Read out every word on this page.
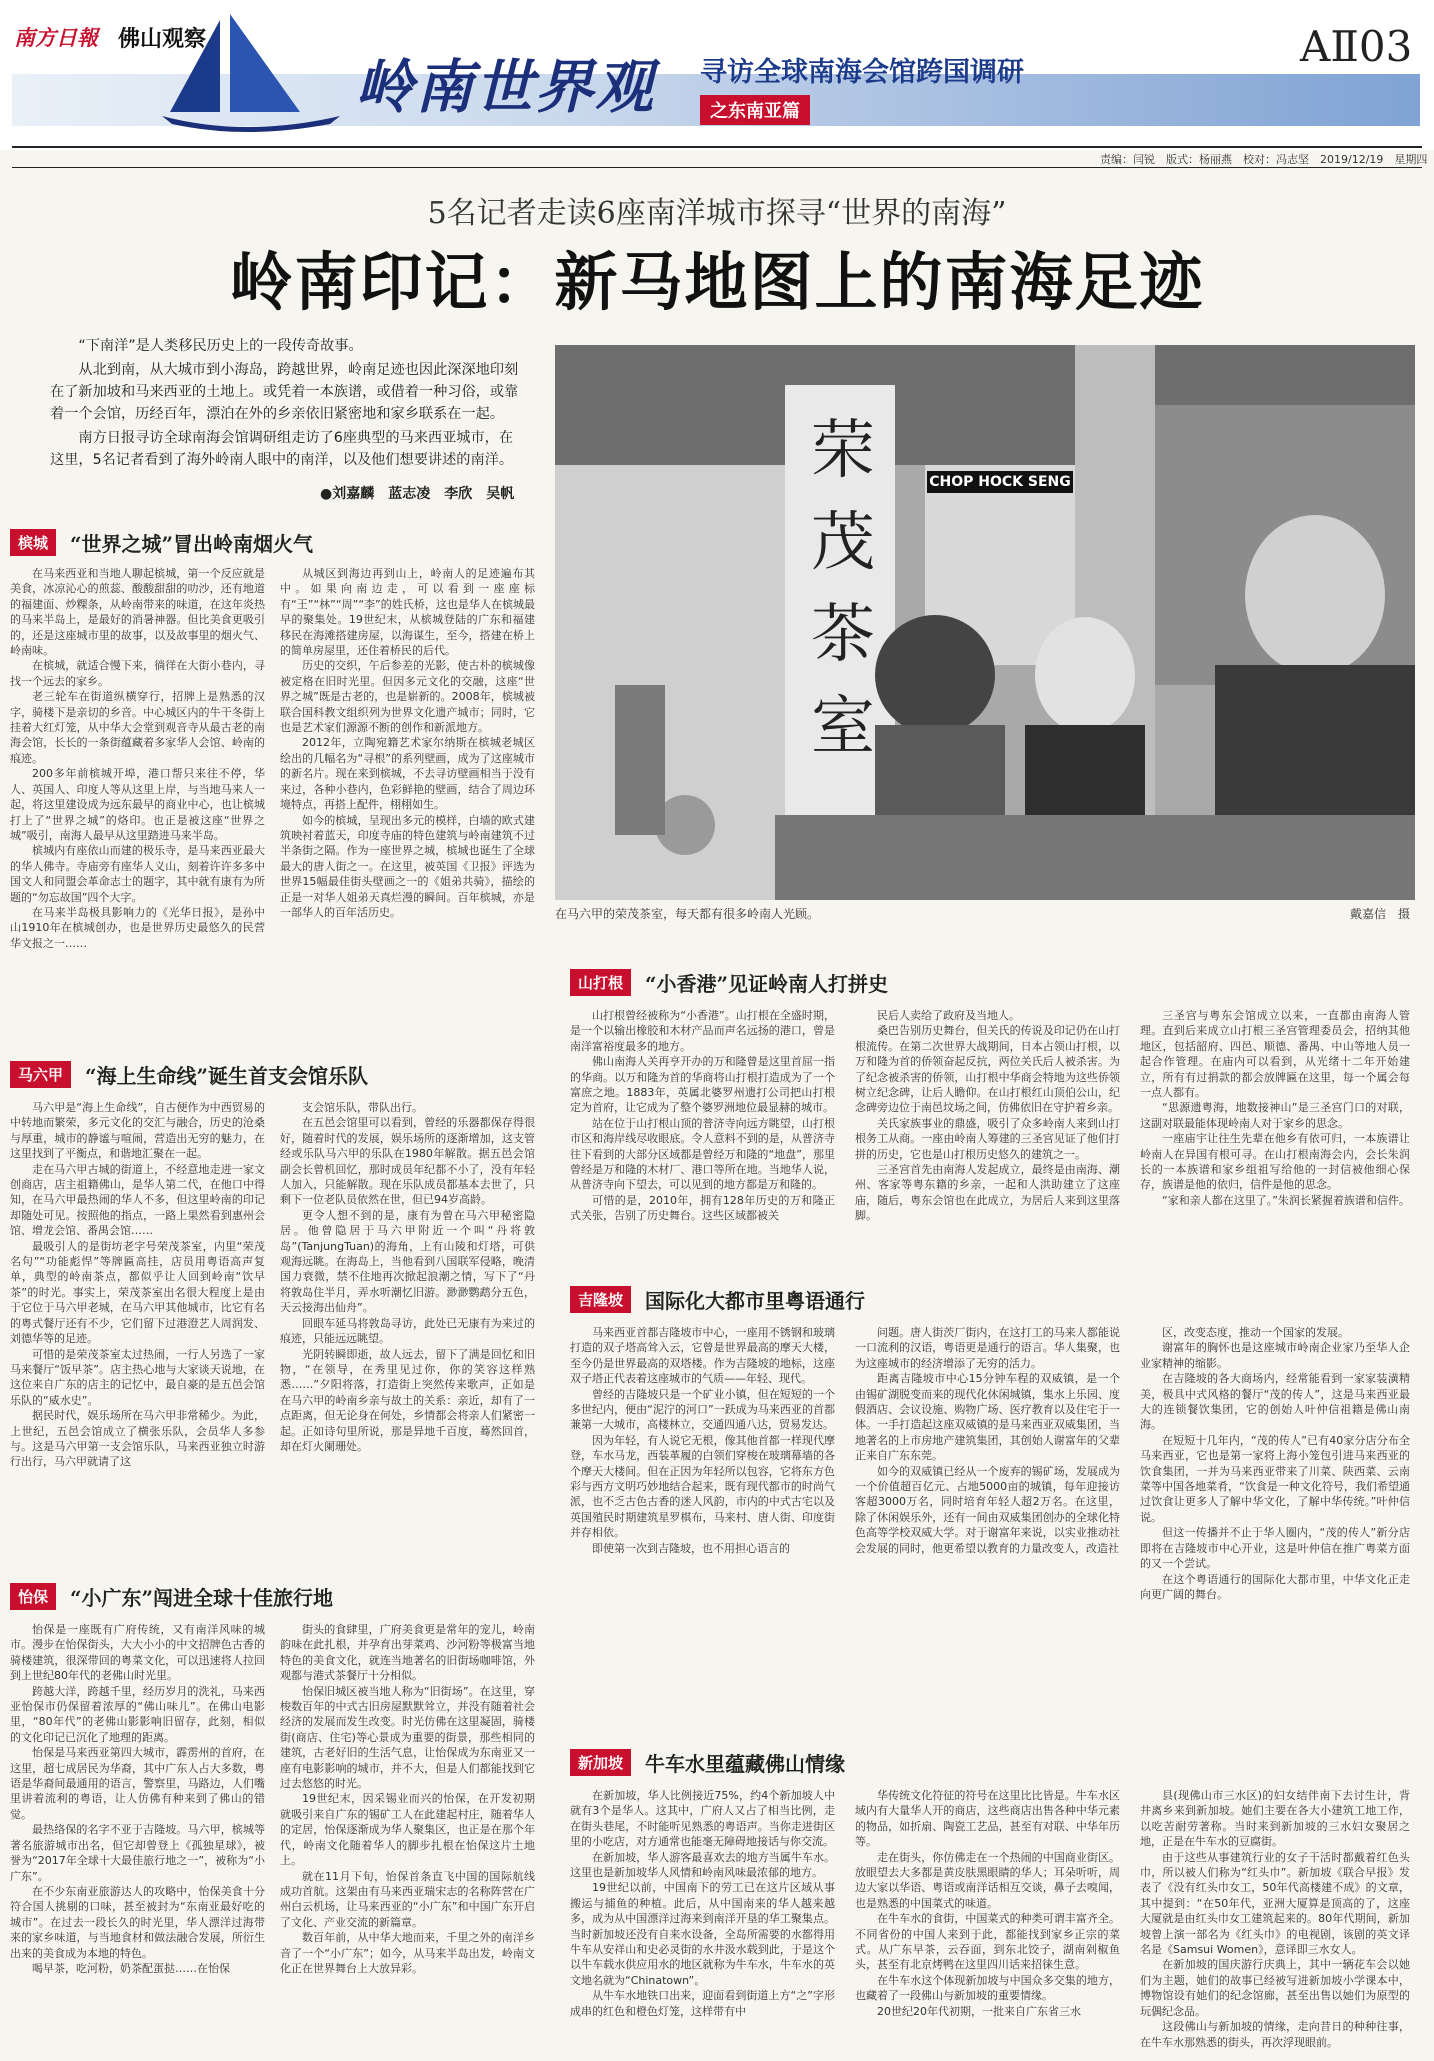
南方日報 佛山观察
岭南世界观 寻访全球南海会馆跨国调研
之东南亚篇
AⅡ03
责编：闫锐　版式：杨丽燕　校对：冯志坚　2019/12/19　星期四
5名记者走读6座南洋城市探寻“世界的南海”
岭南印记：新马地图上的南海足迹

“下南洋”是人类移民历史上的一段传奇故事。

从北到南，从大城市到小海岛，跨越世界，岭南足迹也因此深深地印刻在了新加坡和马来西亚的土地上。或凭着一本族谱，或借着一种习俗，或靠着一个会馆，历经百年，漂泊在外的乡亲依旧紧密地和家乡联系在一起。

南方日报寻访全球南海会馆调研组走访了6座典型的马来西亚城市，在这里，5名记者看到了海外岭南人眼中的南洋，以及他们想要讲述的南洋。

●刘嘉麟　蓝志凌　李欣　吴帆
荣茂茶室
CHOP HOCK SENG
在马六甲的荣茂茶室，每天都有很多岭南人光顾。	戴嘉信　摄
槟城	“世界之城”冒出岭南烟火气

在马来西亚和当地人聊起槟城，第一个反应就是美食，冰凉沁心的煎蕊、酸酸甜甜的叻沙，还有地道的福建面、炒粿条，从岭南带来的味道，在这年炎热的马来半岛上，是最好的消暑神器。但比美食更吸引的，还是这座城市里的故事，以及故事里的烟火气、岭南味。

在槟城，就适合慢下来，徜徉在大街小巷内，寻找一个远去的家乡。

老三轮车在街道纵横穿行，招牌上是熟悉的汉字，骑楼下是亲切的乡音。中心城区内的牛干冬街上挂着大红灯笼，从中华大会堂到观音寺从最古老的南海会馆，长长的一条街蕴藏着多家华人会馆、岭南的痕迹。

200多年前槟城开埠，港口帮只来往不停，华人、英国人、印度人等从这里上岸，与当地马来人一起，将这里建设成为远东最早的商业中心，也让槟城打上了“世界之城”的烙印。也正是被这座“世界之城”吸引，南海人最早从这里踏进马来半岛。

槟城内有座依山而建的极乐寺，是马来西亚最大的华人佛寺。寺庙旁有座华人义山，刻着许许多多中国文人和同盟会革命志士的题字，其中就有康有为所题的“勿忘故国”四个大字。

在马来半岛极具影响力的《光华日报》，是孙中山1910年在槟城创办，也是世界历史最悠久的民营华文报之一……

从城区到海边再到山上，岭南人的足迹遍布其中。如果向南边走，可以看到一座座标有“王”“林”“周”“李”的姓氏桥，这也是华人在槟城最早的聚集处。19世纪末，从槟城登陆的广东和福建移民在海滩搭建房屋，以海谋生，至今，搭建在桥上的简单房屋里，还住着桥民的后代。

历史的交织，午后参差的光影，使古朴的槟城像被定格在旧时光里。但因多元文化的交融，这座“世界之城”既是古老的，也是崭新的。2008年，槟城被联合国科教文组织列为世界文化遗产城市；同时，它也是艺术家们源源不断的创作和新派地方。

2012年，立陶宛籍艺术家尔纳斯在槟城老城区绘出的几幅名为“寻根”的系列壁画，成为了这座城市的新名片。现在来到槟城，不去寻访壁画相当于没有来过，各种小巷内，色彩鲜艳的壁画，结合了周边环境特点，再搭上配件，栩栩如生。

如今的槟城，呈现出多元的模样，白墙的欧式建筑映衬着蓝天，印度寺庙的特色建筑与岭南建筑不过半条街之隔。作为一座世界之城，槟城也诞生了全球最大的唐人街之一。在这里，被英国《卫报》评选为世界15幅最佳街头壁画之一的《姐弟共骑》，描绘的正是一对华人姐弟天真烂漫的瞬间。百年槟城，亦是一部华人的百年活历史。

马六甲	“海上生命线”诞生首支会馆乐队

马六甲是“海上生命线”，自古便作为中西贸易的中转地而繁荣，多元文化的交汇与融合，历史的沧桑与厚重，城市的静谧与喧闹，营造出无穷的魅力，在这里找到了平衡点，和谐地汇聚在一起。

走在马六甲古城的街道上，不经意地走进一家文创商店，店主祖籍佛山，是华人第二代，在他口中得知，在马六甲最热闹的华人不多，但这里岭南的印记却随处可见。按照他的指点，一路上果然看到惠州会馆、增龙会馆、番禺会馆……

最吸引人的是街坊老字号荣茂茶室，内里“荣茂名句”“功能彪悍”等牌匾高挂，店员用粤语高声复单，典型的岭南茶点，都似乎让人回到岭南“饮早茶”的时光。事实上，荣茂茶室出名很大程度上是由于它位于马六甲老城，在马六甲其他城市，比它有名的粤式餐厅还有不少，它们留下过港澄艺人周润发、刘德华等的足迹。

可惜的是荣茂茶室太过热闹，一行人另选了一家马来餐厅“饭早茶”。店主热心地与大家谈天说地，在这位来自广东的店主的记忆中，最自豪的是五邑会馆乐队的“威水史”。

据民时代，娱乐场所在马六甲非常稀少。为此，上世纪，五邑会馆成立了横张乐队，会员华人多参与。这是马六甲第一支会馆乐队，马来西亚独立时游行出行，马六甲就请了这

支会馆乐队，带队出行。

在五邑会馆里可以看到，曾经的乐器都保存得很好，随着时代的发展，娱乐场所的逐渐增加，这支管经或乐队马六甲的乐队在1980年解散。据五邑会馆副会长曾机回忆，那时成员年纪都不小了，没有年轻人加入，只能解散。现在乐队成员都基本去世了，只剩下一位老队员依然在世，但已94岁高龄。

更令人想不到的是，康有为曾在马六甲秘密隐居。他曾隐居于马六甲附近一个叫“丹将敦岛”(TanjungTuan)的海角，上有山陵和灯塔，可供观海远眺。在海岛上，当他看到八国联军侵略，晚清国力衰微，禁不住地再次掀起浪潮之情，写下了“丹将敦岛住半月，弄水听潮忆旧游。渺渺鹦鹉分五色，天云接海出仙舟”。

回眼车延马将敦岛寻访，此处已无康有为来过的痕迹，只能远远眺望。

光阴转瞬即逝，故人远去，留下了满是回忆和旧物，“在领导，在秀里见过你，你的笑容这样熟悉……”夕阳将落，打造街上突然传来歌声，正如是在马六甲的岭南乡亲与故土的关系：亲近，却有了一点距离，但无论身在何处，乡情都会将亲人们紧密一起。正如诗句里所说，那是异地千百度，蓦然回首，却在灯火阑珊处。

怡保	“小广东”闯进全球十佳旅行地

怡保是一座既有广府传统，又有南洋风味的城市。漫步在怡保街头，大大小小的中文招牌色古香的骑楼建筑，很深带回的粤菜文化，可以迅速将人拉回到上世纪80年代的老佛山时光里。

跨越大洋，跨越千里，经历岁月的洗礼，马来西亚怡保市仍保留着浓厚的“佛山味儿”。在佛山电影里，“80年代”的老佛山影影响旧留存，此刻，相似的文化印记已沉化了地理的距离。

怡保是马来西亚第四大城市，霹雳州的首府，在这里，超七成居民为华裔，其中广东人占大多数，粤语是华裔间最通用的语言，警察里，马路边，人们嘴里讲着流利的粤语，让人仿佛有种来到了佛山的错觉。

最热络保的名字不亚于吉隆坡。马六甲，槟城等著名旅游城市出名，但它却曾登上《孤独星球》，被誉为“2017年全球十大最佳旅行地之一”，被称为“小广东”。

在不少东南亚旅游达人的攻略中，怡保美食十分符合国人挑剔的口味，甚至被封为“东南亚最好吃的城市”。在过去一段长久的时光里，华人漂洋过海带来的家乡味道，与当地食材和做法融合发展，所衍生出来的美食成为本地的特色。

喝早茶，吃河粉，奶茶配蛋挞……在怡保

街头的食肆里，广府美食更是常年的宠儿，岭南韵味在此扎根，并孕育出芽菜鸡、沙河粉等极富当地特色的美食文化，就连当地著名的旧街场咖啡馆，外观都与港式茶餐厅十分相似。

怡保旧城区被当地人称为“旧街场”。在这里，穿梭数百年的中式古旧房屋默默耸立，并没有随着社会经济的发展而发生改变。时光仿佛在这里凝固，骑楼街(商店、住宅)等心景成为重要的街景，那些相同的建筑，古老好旧的生活气息，让怡保成为东南亚又一座有电影影响的城市，并不大，但是人们都能找到它过去悠悠的时光。

19世纪末，因采锡业而兴的怡保，在开发初期就吸引来自广东的锡矿工人在此建起村庄，随着华人的定居，怡保逐渐成为华人聚集区，也正是在那个年代，岭南文化随着华人的脚步扎根在怡保这片土地上。

就在11月下旬，怡保首条直飞中国的国际航线成功首航。这架由有马来西亚瑞宋志的名称阵营在广州白云机场，让马来西亚的“小广东”和中国广东开启了文化、产业交流的新篇章。

数百年前，从中华大地而来，千里之外的南洋乡音了一个“小广东”；如今，从马来半岛出发，岭南文化正在世界舞台上大放异彩。

山打根	“小香港”见证岭南人打拼史

山打根曾经被称为“小香港”。山打根在全盛时期，是一个以输出橡胶和木材产品而声名远扬的港口，曾是南洋富裕度最多的地方。

佛山南海人关再亨开办的万和隆曾是这里首屈一指的华商。以万和隆为首的华商将山打根打造成为了一个富庶之地。1883年，英属北婆罗州遗打公司把山打根定为首府，让它成为了整个婆罗洲地位最显赫的城市。

站在位于山打根山顶的普济寺向远方眺望，山打根市区和海岸线尽收眼底。令人意料不到的是，从普济寺往下看到的大部分区域都是曾经万和隆的“地盘”，那里曾经是万和隆的木材厂、港口等所在地。当地华人说，从普济寺向下望去，可以见到的地方都是万和隆的。

可惜的是，2010年，拥有128年历史的万和隆正式关张，告别了历史舞台。这些区域都被关

民后人卖给了政府及当地人。

桑巴告别历史舞台，但关氏的传说及印记仍在山打根流传。在第二次世界大战期间，日本占领山打根，以万和隆为首的侨领奋起反抗，两位关氏后人被杀害。为了纪念被杀害的侨领，山打根中华商会特地为这些侨领树立纪念碑，让后人瞻仰。在山打根红山顶伯公山，纪念碑旁边位于南邑坟场之间，仿佛依旧在守护着乡亲。

关氏家族事业的鼎盛，吸引了众多岭南人来到山打根务工从商。一座由岭南人筹建的三圣宫见证了他们打拼的历史，它也是山打根历史悠久的建筑之一。

三圣宫首先由南海人发起成立，最终是由南海、潮州、客家等粤东籍的乡亲，一起和人洪助建立了这座庙，随后，粤东会馆也在此成立，为居后人来到这里落脚。

三圣宫与粤东会馆成立以来，一直都由南海人管理。直到后来成立山打根三圣宫管理委员会，招纳其他地区，包括韶府、四邑、顺德、番禺、中山等地人员一起合作管理。在庙内可以看到，从光绪十二年开始建立，所有有过捐款的都会放牌匾在这里，每一个属会每一点人都有。

“思源遗粤海，地数接神山”是三圣宫门口的对联，这副对联最能体现岭南人对于家乡的思念。

一座庙宇让往生先辈在他乡有依可归，一本族谱让岭南人在异国有根可寻。在山打根南海会内，会长朱润长的一本族谱和家乡组祖写给他的一封信被他细心保存，族谱是他的依归，信件是他的思念。

“家和亲人都在这里了。”朱润长紧握着族谱和信件。

吉隆坡	国际化大都市里粤语通行

马来西亚首都吉隆坡市中心，一座用不锈钢和玻璃打造的双子塔高耸入云，它曾是世界最高的摩天大楼，至今仍是世界最高的双塔楼。作为吉隆坡的地标，这座双子塔正代表着这座城市的气质——年轻、现代。

曾经的吉隆坡只是一个矿业小镇，但在短短的一个多世纪内，便由“泥泞的河口”一跃成为马来西亚的首都兼第一大城市，高楼林立，交通四通八达，贸易发达。

因为年轻，有人说它无根，像其他首都一样现代摩登，车水马龙，西装革履的白领们穿梭在玻璃幕墙的各个摩天大楼间。但在正因为年轻所以包容，它将东方色彩与西方文明巧妙地结合起来，既有现代都市的时尚气派，也不乏古色古香的迷人风韵，市内的中式古宅以及英国殖民时期建筑星罗棋布，马来村、唐人街、印度街并存相依。

即使第一次到吉隆坡，也不用担心语言的

问题。唐人街茨厂街内，在这打工的马来人都能说一口流利的汉语，粤语更是通行的语言。华人集聚，也为这座城市的经济增添了无穷的活力。

距离吉隆坡市中心15分钟车程的双威镇，是一个由锡矿湖脱变而来的现代化休闲城镇，集水上乐园、度假酒店、会议设施、购物广场、医疗教育以及住宅于一体。一手打造起这座双威镇的是马来西亚双威集团，当地著名的上市房地产建筑集团，其创始人谢富年的父辈正来自广东东莞。

如今的双威镇已经从一个废弃的锡矿场，发展成为一个价值超百亿元、占地5000亩的城镇，每年迎接访客超3000万名，同时培育年轻人超2万名。在这里，除了休闲娱乐外，还有一间由双威集团创办的全球化特色高等学校双威大学。对于谢富年来说，以实业推动社会发展的同时，他更希望以教育的力量改变人，改造社

区，改变态度，推动一个国家的发展。

谢富年的胸怀也是这座城市岭南企业家乃至华人企业家精神的缩影。

在吉隆坡的各大商场内，经常能看到一家家装潢精美，极具中式风格的餐厅“茂的传人”，这是马来西亚最大的连锁餐饮集团，它的创始人叶仲信祖籍是佛山南海。

在短短十几年内，“茂的传人”已有40家分店分布全马来西亚，它也是第一家将上海小笼包引进马来西亚的饮食集团，一并为马来西亚带来了川菜、陕西菜、云南菜等中国各地菜肴，“饮食是一种文化符号，我们希望通过饮食让更多人了解中华文化，了解中华传统。”叶仲信说。

但这一传播并不止于华人圈内，“茂的传人”新分店即将在吉隆坡市中心开业，这是叶仲信在推广粤菜方面的又一个尝试。

在这个粤语通行的国际化大都市里，中华文化正走向更广阔的舞台。

新加坡	牛车水里蕴藏佛山情缘

在新加坡，华人比例接近75%，约4个新加坡人中就有3个是华人。这其中，广府人又占了相当比例，走在街头巷尾，不时能听见熟悉的粤语声。当你走进街区里的小吃店，对方通常也能毫无障碍地接话与你交流。

在新加坡，华人游客最喜欢去的地方当属牛车水。这里也是新加坡华人风情和岭南风味最浓郁的地方。

19世纪以前，中国南下的劳工已在这片区域从事搬运与捕鱼的种植。此后，从中国南来的华人越来越多，成为从中国漂洋过海来到南洋开垦的华工聚集点。当时新加坡还没有自来水设备，全岛所需要的水都得用牛车从安祥山和史必灵街的水井汲水载到此，于是这个以牛车载水供应用水的地区就称为牛车水，牛车水的英文地名就为“Chinatown”。

从牛车水地铁口出来，迎面看到街道上方“之”字形成串的红色和橙色灯笼，这样带有中

华传统文化符征的符号在这里比比皆是。牛车水区域内有大量华人开的商店，这些商店出售各种中华元素的物品，如折扇、陶瓷工艺品，甚至有对联、中华年历等。

走在街头，你仿佛走在一个热闹的中国商业街区。放眼望去大多都是黄皮肤黑眼睛的华人；耳朵听听，周边大家以华语、粤语或南洋话相互交谈，鼻子去嗅闻，也是熟悉的中国菜式的味道。

在牛车水的食街，中国菜式的种类可谓丰富齐全。不同省份的中国人来到于此，都能找到家乡正宗的菜式。从广东早茶，云吞面，到东北饺子，湖南剁椒鱼头，甚至有北京烤鸭在这里四川话来招徕生意。

在牛车水这个体现新加坡与中国众多交集的地方，也藏着了一段佛山与新加坡的重要情缘。

20世纪20年代初期，一批来自广东省三水

县(现佛山市三水区)的妇女结伴南下去讨生计，背井离乡来到新加坡。她们主要在各大小建筑工地工作，以吃苦耐劳著称。当时来到新加坡的三水妇女聚居之地，正是在牛车水的豆腐街。

由于这些从事建筑行业的女子干活时都戴着红色头巾，所以被人们称为“红头巾”。新加坡《联合早报》发表了《没有红头巾女工，50年代高楼建不成》的文章，其中提到：“在50年代，亚洲大厦算是顶高的了，这座大厦就是由红头巾女工建筑起来的。80年代期间，新加坡曾上演一部名为《红头巾》的电视剧，该剧的英文译名是《Samsui Women》，意译即三水女人。

在新加坡的国庆游行庆典上，其中一辆花车会以她们为主题，她们的故事已经被写进新加坡小学课本中，博物馆设有她们的纪念馆廊，甚至出售以她们为原型的玩偶纪念品。

这段佛山与新加坡的情缘，走向昔日的种种往事，在牛车水那熟悉的街头，再次浮现眼前。
